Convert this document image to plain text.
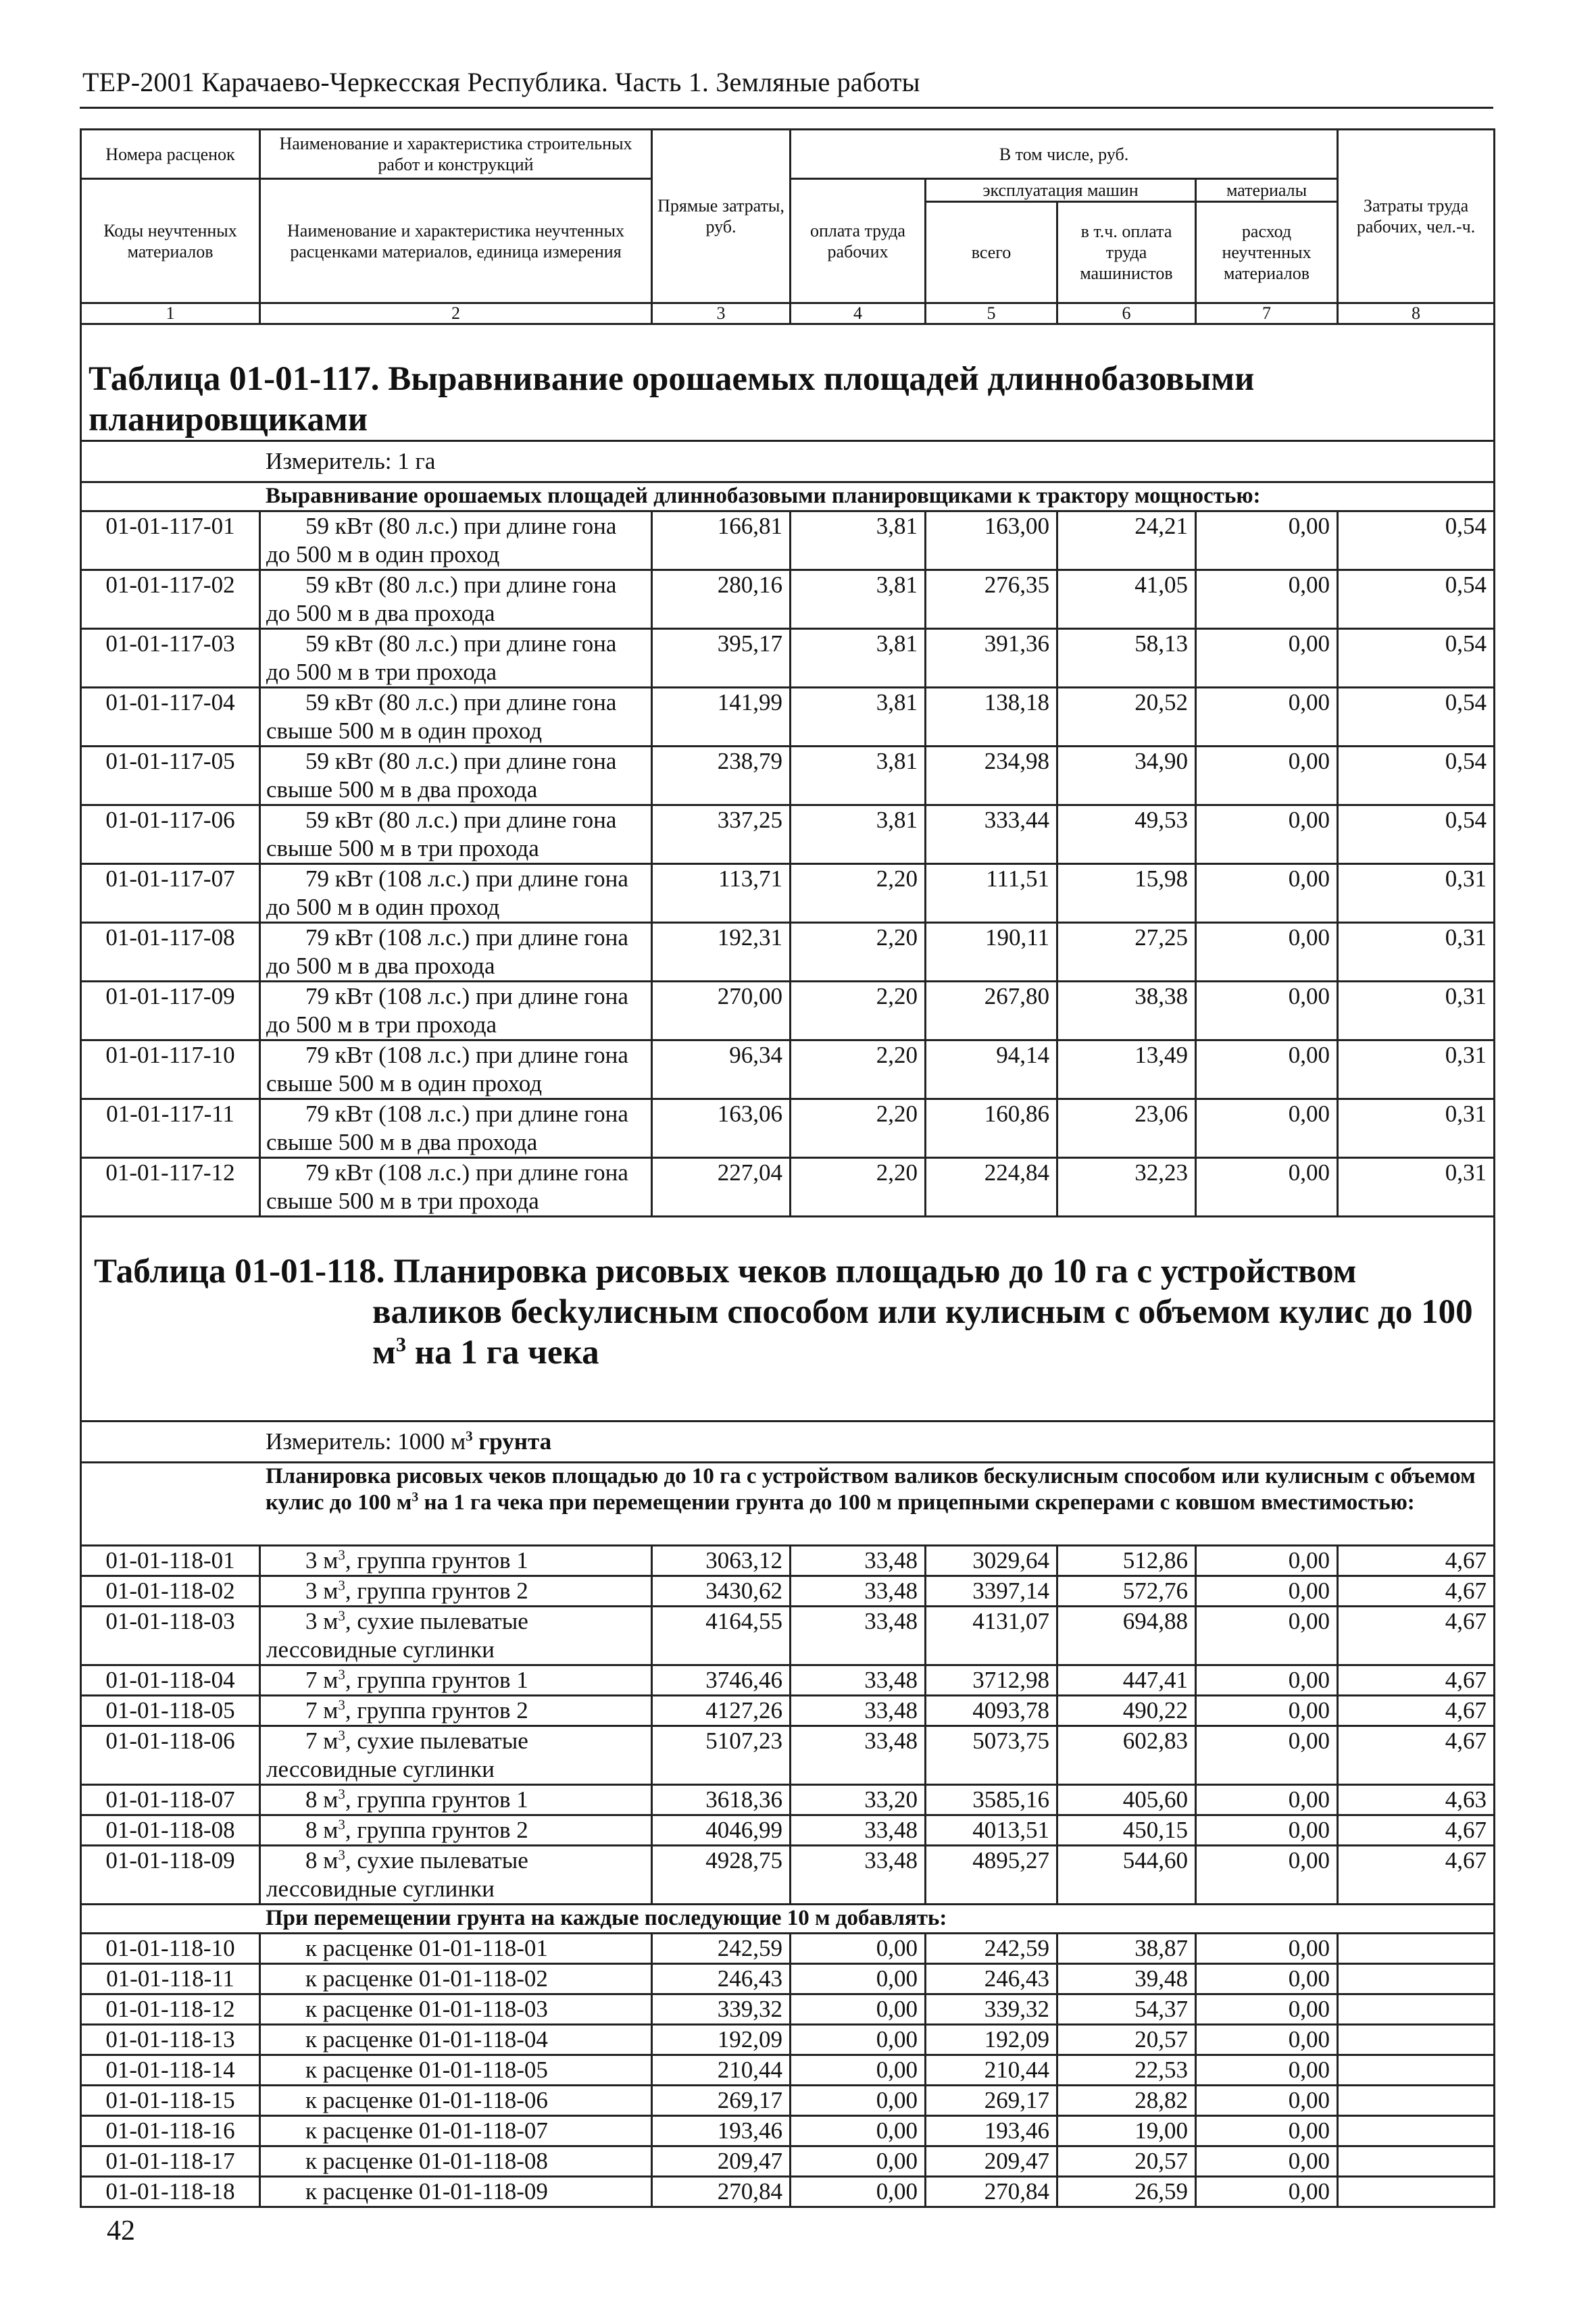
ТЕР-2001 Карачаево-Черкесская Республика. Часть 1. Земляные работы
Номера расценок	Наименование и характеристика строительных работ и конструкций	Прямые затраты, руб.	В том числе, руб.				Затраты труда рабочих, чел.-ч.
Коды неучтенных материалов	Наименование и характеристика неучтенных расценками материалов, единица измерения		оплата труда рабочих	эксплуатация машин		материалы	
				всего	в т.ч. оплата труда машинистов	расход неучтенных материалов	
1	2	3	4	5	6	7	8
Таблица 01-01-117. Выравнивание орошаемых площадей длиннобазовыми планировщиками							
Измеритель: 1 га							
Выравнивание орошаемых площадей длиннобазовыми планировщиками к трактору мощностью:							
01-01-117-01	59 кВт (80 л.с.) при длине гона до 500 м в один проход	166,81	3,81	163,00	24,21	0,00	0,54
01-01-117-02	59 кВт (80 л.с.) при длине гона до 500 м в два прохода	280,16	3,81	276,35	41,05	0,00	0,54
01-01-117-03	59 кВт (80 л.с.) при длине гона до 500 м в три прохода	395,17	3,81	391,36	58,13	0,00	0,54
01-01-117-04	59 кВт (80 л.с.) при длине гона свыше 500 м в один проход	141,99	3,81	138,18	20,52	0,00	0,54
01-01-117-05	59 кВт (80 л.с.) при длине гона свыше 500 м в два прохода	238,79	3,81	234,98	34,90	0,00	0,54
01-01-117-06	59 кВт (80 л.с.) при длине гона свыше 500 м в три прохода	337,25	3,81	333,44	49,53	0,00	0,54
01-01-117-07	79 кВт (108 л.с.) при длине гона до 500 м в один проход	113,71	2,20	111,51	15,98	0,00	0,31
01-01-117-08	79 кВт (108 л.с.) при длине гона до 500 м в два прохода	192,31	2,20	190,11	27,25	0,00	0,31
01-01-117-09	79 кВт (108 л.с.) при длине гона до 500 м в три прохода	270,00	2,20	267,80	38,38	0,00	0,31
01-01-117-10	79 кВт (108 л.с.) при длине гона свыше 500 м в один проход	96,34	2,20	94,14	13,49	0,00	0,31
01-01-117-11	79 кВт (108 л.с.) при длине гона свыше 500 м в два прохода	163,06	2,20	160,86	23,06	0,00	0,31
01-01-117-12	79 кВт (108 л.с.) при длине гона свыше 500 м в три прохода	227,04	2,20	224,84	32,23	0,00	0,31

Таблица 01-01-118. Планировка рисовых чеков площадью до 10 га с устройством валиков бесkулисным способом или кулисным с объемом кулис до 100 $м^3$ на 1 га чека							

Измеритель: 1000 $м^3$ грунта							
Планировка рисовых чеков площадью до 10 га с устройством валиков бескулисным способом или кулисным с объемом кулис до 100 $м^3$ на 1 га чека при перемещении грунта до 100 м прицепными скреперами с ковшом вместимостью:							
01-01-118-01	3 $м^3$, группа грунтов 1	3063,12	33,48	3029,64	512,86	0,00	4,67
01-01-118-02	3 $м^3$, группа грунтов 2	3430,62	33,48	3397,14	572,76	0,00	4,67
01-01-118-03	3 $м^3$, сухие пылеватые лессовидные суглинки	4164,55	33,48	4131,07	694,88	0,00	4,67
01-01-118-04	7 $м^3$, группа грунтов 1	3746,46	33,48	3712,98	447,41	0,00	4,67
01-01-118-05	7 $м^3$, группа грунтов 2	4127,26	33,48	4093,78	490,22	0,00	4,67
01-01-118-06	7 $м^3$, сухие пылеватые лессовидные суглинки	5107,23	33,48	5073,75	602,83	0,00	4,67
01-01-118-07	8 $м^3$, группа грунтов 1	3618,36	33,20	3585,16	405,60	0,00	4,63
01-01-118-08	8 $м^3$, группа грунтов 2	4046,99	33,48	4013,51	450,15	0,00	4,67
01-01-118-09	8 $м^3$, сухие пылеватые лессовидные суглинки	4928,75	33,48	4895,27	544,60	0,00	4,67
При перемещении грунта на каждые последующие 10 м добавлять:							
01-01-118-10	к расценке 01-01-118-01	242,59	0,00	242,59	38,87	0,00	
01-01-118-11	к расценке 01-01-118-02	246,43	0,00	246,43	39,48	0,00	
01-01-118-12	к расценке 01-01-118-03	339,32	0,00	339,32	54,37	0,00	
01-01-118-13	к расценке 01-01-118-04	192,09	0,00	192,09	20,57	0,00	
01-01-118-14	к расценке 01-01-118-05	210,44	0,00	210,44	22,53	0,00	
01-01-118-15	к расценке 01-01-118-06	269,17	0,00	269,17	28,82	0,00	
01-01-118-16	к расценке 01-01-118-07	193,46	0,00	193,46	19,00	0,00	
01-01-118-17	к расценке 01-01-118-08	209,47	0,00	209,47	20,57	0,00	
01-01-118-18	к расценке 01-01-118-09	270,84	0,00	270,84	26,59	0,00	
42
